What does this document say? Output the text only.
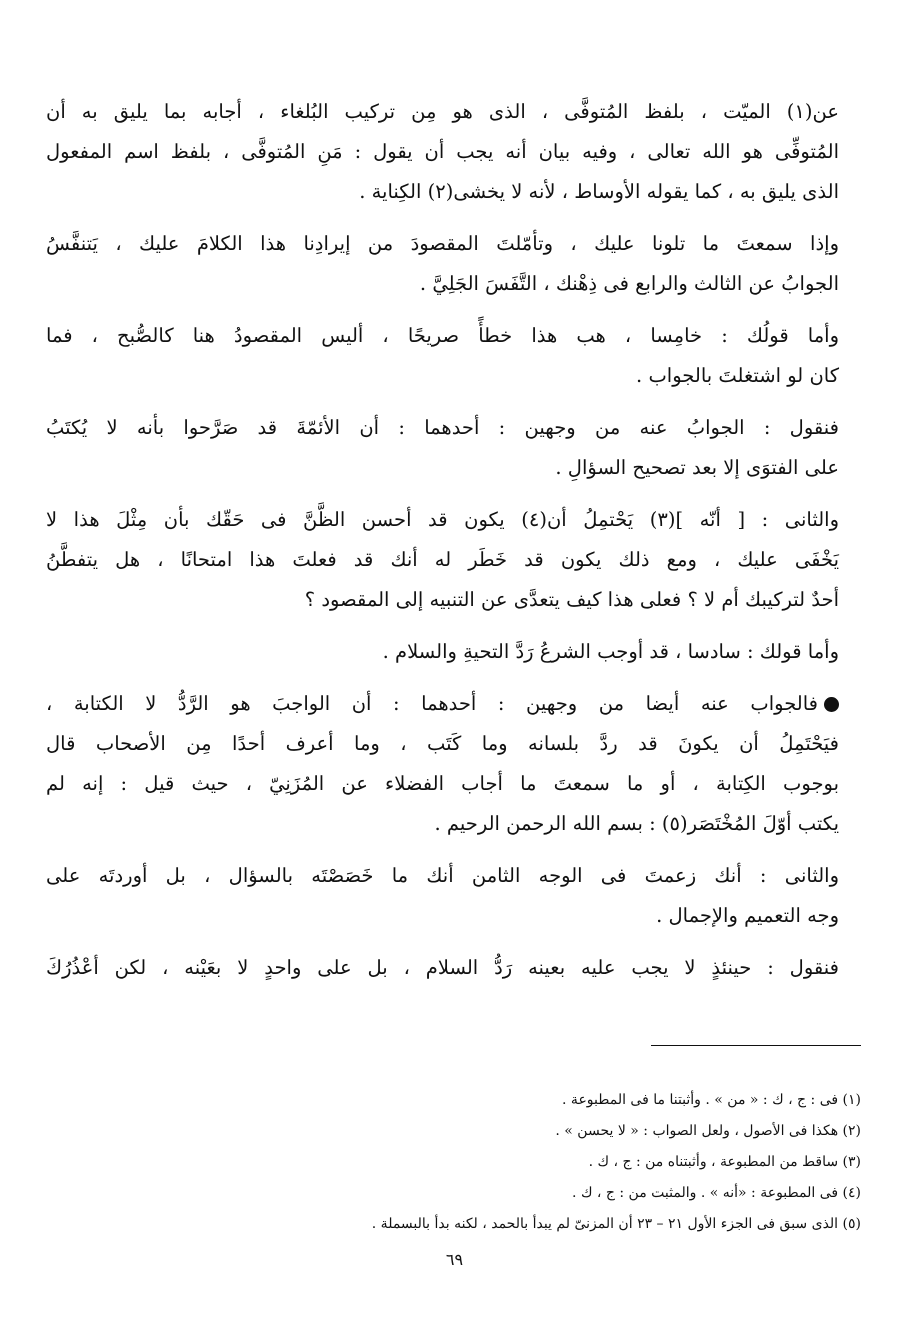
عن(١) الميّت ، بلفظ المُتوفَّى ، الذى هو مِن تركيب البُلغاء ، أجابه بما يليق به أن
المُتوفِّى هو الله تعالى ، وفيه بيان أنه يجب أن يقول : مَنِ المُتوفَّى ، بلفظ اسم المفعول
الذى يليق به ، كما يقوله الأوساط ، لأنه لا يخشى(٢) الكِناية .

وإذا سمعتَ ما تلونا عليك ، وتأمّلتَ المقصودَ من إيرادِنا هذا الكلامَ عليك ، يَتنفَّسُ
الجوابُ عن الثالث والرابع فى ذِهْنك ، التَّفَسَ الجَلِيَّ .

وأما قولُك : خامِسا ، هب هذا خطأً صريحًا ، أليس المقصودُ هنا كالصُّبح ، فما
كان لو اشتغلتَ بالجواب .

فنقول : الجوابُ عنه من وجهين : أحدهما : أن الأئمّةَ قد صَرَّحوا بأنه لا يُكتَبُ
على الفتوَى إلا بعد تصحيح السؤالِ .

والثانى : [ أنّه ](٣) يَحْتمِلُ أن(٤) يكون قد أحسن الظَّنَّ فى حَقّك بأن مِثْلَ هذا لا
يَخْفَى عليك ، ومع ذلك يكون قد خَطَر له أنك قد فعلتَ هذا امتحانًا ، هل يتفطَّنُ
أحدٌ لتركيبك أم لا ؟ فعلى هذا كيف يتعدَّى عن التنبيه إلى المقصود ؟

وأما قولك : سادسا ، قد أوجب الشرعُ رَدَّ التحيةِ والسلام .

فالجواب عنه أيضا من وجهين : أحدهما : أن الواجبَ هو الرَّدُّ لا الكتابة ،
فيَحْتَمِلُ أن يكونَ قد ردَّ بلسانه وما كَتَب ، وما أعرف أحدًا مِن الأصحاب قال
بوجوب الكِتابة ، أو ما سمعتَ ما أجاب الفضلاء عن المُزَنِيّ ، حيث قيل : إنه لم
يكتب أوّلَ المُخْتَصَر(٥) : بسم الله الرحمن الرحيم .

والثانى : أنك زعمتَ فى الوجه الثامن أنك ما خَصَصْتَه بالسؤال ، بل أوردتَه على
وجه التعميم والإجمال .

فنقول : حينئذٍ لا يجب عليه بعينه رَدُّ السلام ، بل على واحدٍ لا بعَيْنه ، لكن أعْذُرُكَ

(١) فى : ج ، ك : « من » . وأثبتنا ما فى المطبوعة .

(٢) هكذا فى الأصول ، ولعل الصواب : « لا يحسن » .

(٣) ساقط من المطبوعة ، وأثبتناه من : ج ، ك .

(٤) فى المطبوعة : «أنه » . والمثبت من : ج ، ك .

(٥) الذى سبق فى الجزء الأول ٢١ – ٢٣ أن المزنىّ لم يبدأ بالحمد ، لكنه بدأ بالبسملة .

٦٩
